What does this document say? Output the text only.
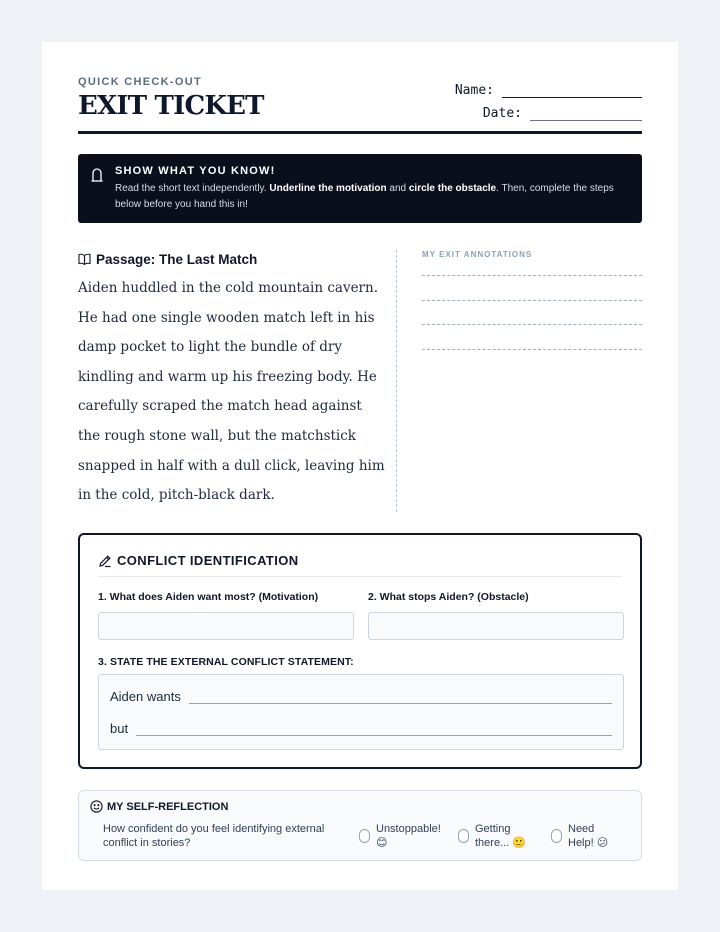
QUICK CHECK-OUT
EXIT TICKET
Name:
Date:
SHOW WHAT YOU KNOW!
Read the short text independently. Underline the motivation and circle the obstacle. Then, complete the steps below before you hand this in!
Passage: The Last Match
Aiden huddled in the cold mountain cavern. He had one single wooden match left in his damp pocket to light the bundle of dry kindling and warm up his freezing body. He carefully scraped the match head against the rough stone wall, but the matchstick snapped in half with a dull click, leaving him in the cold, pitch-black dark.
MY EXIT ANNOTATIONS
CONFLICT IDENTIFICATION
1. What does Aiden want most? (Motivation)	2. What stops Aiden? (Obstacle)
3. STATE THE EXTERNAL CONFLICT STATEMENT:
Aiden wants
but
MY SELF-REFLECTION
How confident do you feel identifying external conflict in stories?
Unstoppable! 😊
Getting there... 🙂
Need Help! 😕
